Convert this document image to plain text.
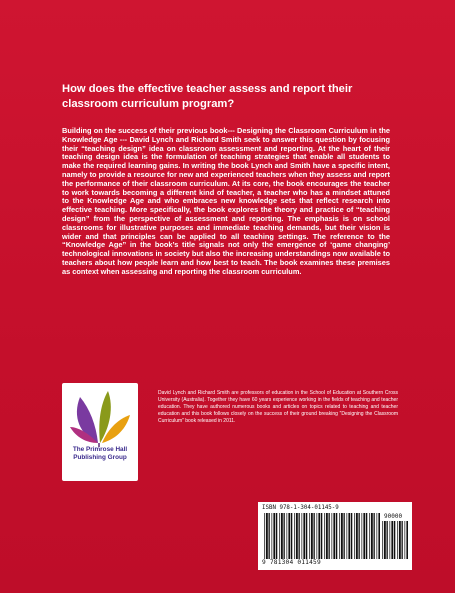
How does the effective teacher assess and report their classroom curriculum program?

Building on the success of their previous book--- Designing the Classroom Curriculum in the Knowledge Age --- David Lynch and Richard Smith seek to answer this question by focusing their “teaching design” idea on classroom assessment and reporting. At the heart of their teaching design idea is the formulation of teaching strategies that enable all students to make the required learning gains. In writing the book Lynch and Smith have a specific intent, namely to provide a resource for new and experienced teachers when they assess and report the performance of their classroom curriculum. At its core, the book encourages the teacher to work towards becoming a different kind of teacher, a teacher who has a mindset attuned to the Knowledge Age and who embraces new knowledge sets that reflect research into effective teaching. More specifically, the book explores the theory and practice of “teaching design” from the perspective of assessment and reporting. The emphasis is on school classrooms for illustrative purposes and immediate teaching demands, but their vision is wider and that principles can be applied to all teaching settings. The reference to the “Knowledge Age” in the book’s title signals not only the emergence of ‘game changing’ technological innovations in society but also the increasing understandings now available to teachers about how people learn and how best to teach. The book examines these premises as context when assessing and reporting the classroom curriculum.

The Primrose Hall
Publishing Group

David Lynch and Richard Smith are professors of education in the School of Education at Southern Cross University (Australia). Together they have 60 years experience working in the fields of teaching and teacher education. They have authored numerous books and articles on topics related to teaching and teacher education and this book follows closely on the success of their ground breaking “Designing the Classroom Curriculum” book released in 2011.

ISBN 978-1-304-01145-9
90000
9 781304 011459
